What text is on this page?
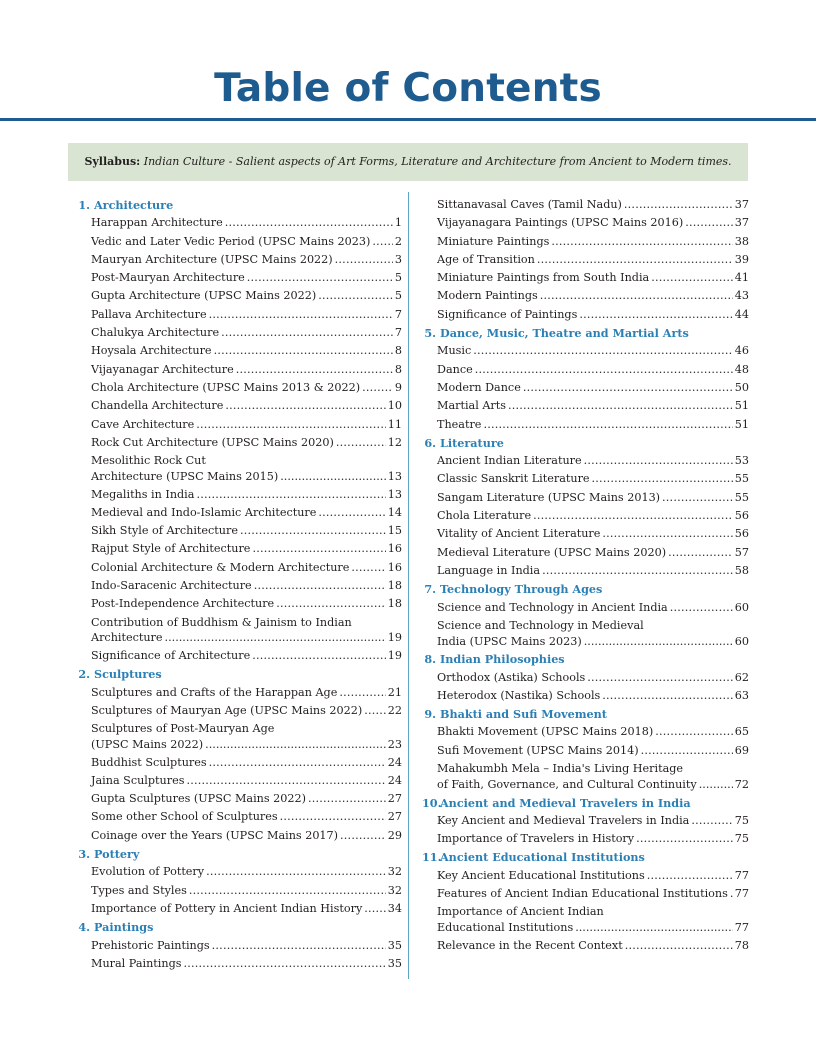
Table of Contents
Syllabus: Indian Culture - Salient aspects of Art Forms, Literature and Architecture from Ancient to Modern times.
1. Architecture
Harappan Architecture .....	1
Vedic and Later Vedic Period (UPSC Mains 2023) ..... 2
Mauryan Architecture (UPSC Mains 2022) .....	3
Post-Mauryan Architecture .....	5
Gupta Architecture (UPSC Mains 2022) .....	5
Pallava Architecture .....	7
Chalukya Architecture .....	7
Hoysala Architecture .....	8
Vijayanagar Architecture .....	8
Chola Architecture (UPSC Mains 2013 & 2022) .....	9
Chandella Architecture .....	10
Cave Architecture .....	11
Rock Cut Architecture (UPSC Mains 2020) .....	12
Mesolithic Rock Cut
Architecture (UPSC Mains 2015) .....	13
Megaliths in India .....	13
Medieval and Indo-Islamic Architecture .....	14
Sikh Style of Architecture .....	15
Rajput Style of Architecture .....	16
Colonial Architecture & Modern Architecture .....	16
Indo-Saracenic Architecture .....	18
Post-Independence Architecture .....	18
Contribution of Buddhism & Jainism to Indian
Architecture .....	19
Significance of Architecture .....	19
2. Sculptures
Sculptures and Crafts of the Harappan Age .....	21
Sculptures of Mauryan Age (UPSC Mains 2022) ..... 22
Sculptures of Post-Mauryan Age
(UPSC Mains 2022) .....	23
Buddhist Sculptures .....	24
Jaina Sculptures .....	24
Gupta Sculptures (UPSC Mains 2022) .....	27
Some other School of Sculptures .....	27
Coinage over the Years (UPSC Mains 2017) .....	29
3. Pottery
Evolution of Pottery .....	32
Types and Styles .....	32
Importance of Pottery in Ancient Indian History ..... 34
4. Paintings
Prehistoric Paintings .....	35
Mural Paintings .....	35
Sittanavasal Caves (Tamil Nadu) .....	37
Vijayanagara Paintings (UPSC Mains 2016) .....	37
Miniature Paintings .....	38
Age of Transition .....	39
Miniature Paintings from South India .....	41
Modern Paintings .....	43
Significance of Paintings .....	44
5. Dance, Music, Theatre and Martial Arts
Music .....	46
Dance .....	48
Modern Dance .....	50
Martial Arts .....	51
Theatre .....	51
6. Literature
Ancient Indian Literature .....	53
Classic Sanskrit Literature .....	55
Sangam Literature (UPSC Mains 2013) .....	55
Chola Literature .....	56
Vitality of Ancient Literature .....	56
Medieval Literature (UPSC Mains 2020) .....	57
Language in India .....	58
7. Technology Through Ages
Science and Technology in Ancient India .....	60
Science and Technology in Medieval
India (UPSC Mains 2023) .....	60
8. Indian Philosophies
Orthodox (Astika) Schools .....	62
Heterodox (Nastika) Schools .....	63
9. Bhakti and Sufi Movement
Bhakti Movement (UPSC Mains 2018) .....	65
Sufi Movement (UPSC Mains 2014) .....	69
Mahakumbh Mela – India's Living Heritage
of Faith, Governance, and Cultural Continuity .....	72
10.
Ancient and Medieval Travelers in India
Key Ancient and Medieval Travelers in India .....	75
Importance of Travelers in History .....	75
11.
Ancient Educational Institutions
Key Ancient Educational Institutions .....	77
Features of Ancient Indian Educational Institutions ..... 77
Importance of Ancient Indian
Educational Institutions .....	77
Relevance in the Recent Context .....	78
